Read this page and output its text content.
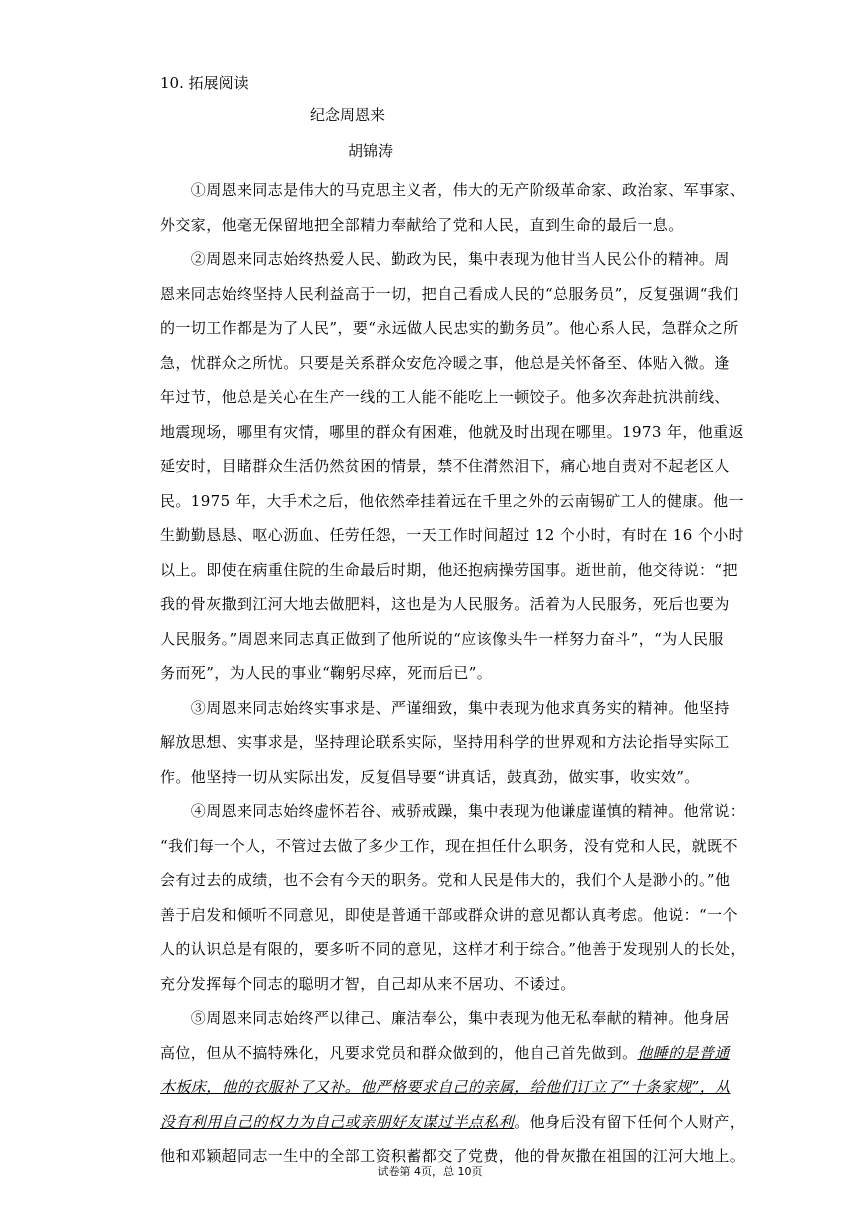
10. 拓展阅读
纪念周恩来
胡锦涛
　　①周恩来同志是伟大的马克思主义者，伟大的无产阶级革命家、政治家、军事家、
外交家，他毫无保留地把全部精力奉献给了党和人民，直到生命的最后一息。
　　②周恩来同志始终热爱人民、勤政为民，集中表现为他甘当人民公仆的精神。周
恩来同志始终坚持人民利益高于一切，把自己看成人民的“总服务员”，反复强调“我们
的一切工作都是为了人民”，要“永远做人民忠实的勤务员”。他心系人民，急群众之所
急，忧群众之所忧。只要是关系群众安危冷暖之事，他总是关怀备至、体贴入微。逢
年过节，他总是关心在生产一线的工人能不能吃上一顿饺子。他多次奔赴抗洪前线、
地震现场，哪里有灾情，哪里的群众有困难，他就及时出现在哪里。1973 年，他重返
延安时，目睹群众生活仍然贫困的情景，禁不住潸然泪下，痛心地自责对不起老区人
民。1975 年，大手术之后，他依然牵挂着远在千里之外的云南锡矿工人的健康。他一
生勤勤恳恳、呕心沥血、任劳任怨，一天工作时间超过 12 个小时，有时在 16 个小时
以上。即使在病重住院的生命最后时期，他还抱病操劳国事。逝世前，他交待说：“把
我的骨灰撒到江河大地去做肥料，这也是为人民服务。活着为人民服务，死后也要为
人民服务。”周恩来同志真正做到了他所说的“应该像头牛一样努力奋斗”，“为人民服
务而死”，为人民的事业“鞠躬尽瘁，死而后已”。
　　③周恩来同志始终实事求是、严谨细致，集中表现为他求真务实的精神。他坚持
解放思想、实事求是，坚持理论联系实际，坚持用科学的世界观和方法论指导实际工
作。他坚持一切从实际出发，反复倡导要“讲真话，鼓真劲，做实事，收实效”。
　　④周恩来同志始终虚怀若谷、戒骄戒躁，集中表现为他谦虚谨慎的精神。他常说：
“我们每一个人，不管过去做了多少工作，现在担任什么职务，没有党和人民，就既不
会有过去的成绩，也不会有今天的职务。党和人民是伟大的，我们个人是渺小的。”他
善于启发和倾听不同意见，即使是普通干部或群众讲的意见都认真考虑。他说：“一个
人的认识总是有限的，要多听不同的意见，这样才利于综合。”他善于发现别人的长处，
充分发挥每个同志的聪明才智，自己却从来不居功、不诿过。
　　⑤周恩来同志始终严以律己、廉洁奉公，集中表现为他无私奉献的精神。他身居
高位，但从不搞特殊化，凡要求党员和群众做到的，他自己首先做到。他睡的是普通
木板床，他的衣服补了又补。他严格要求自己的亲属，给他们订立了“十条家规”，从
没有利用自己的权力为自己或亲朋好友谋过半点私利。他身后没有留下任何个人财产，
他和邓颖超同志一生中的全部工资积蓄都交了党费，他的骨灰撒在祖国的江河大地上。
试卷第 4页，总 10页
